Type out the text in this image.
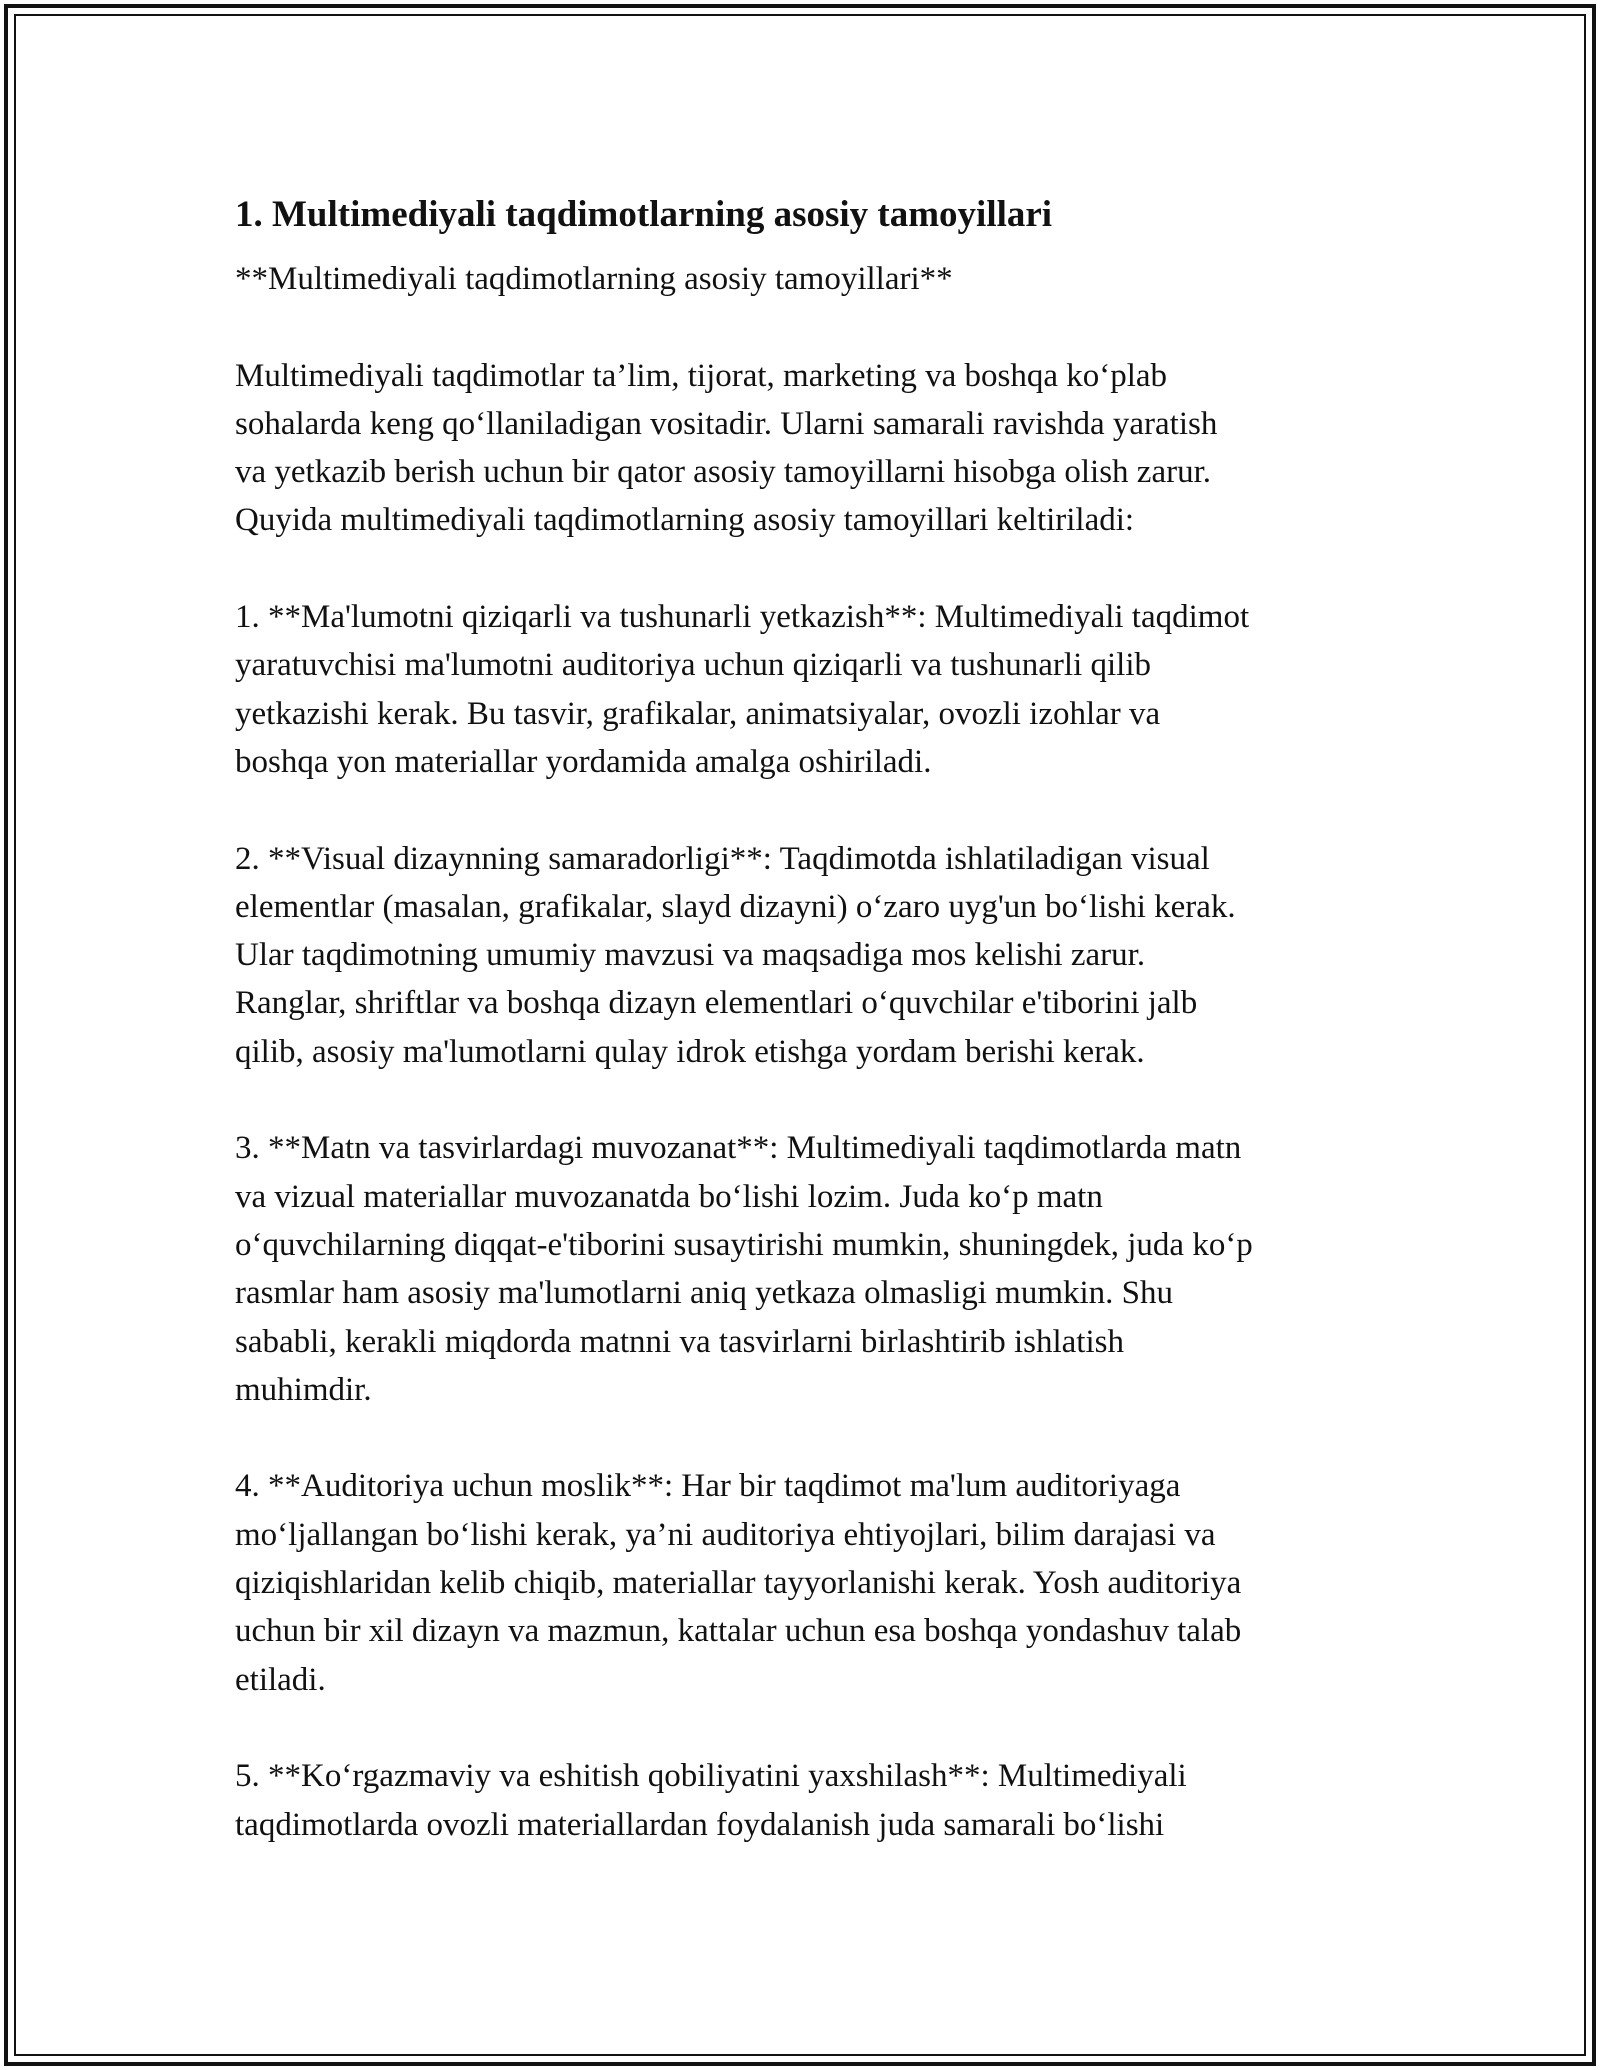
1. Multimediyali taqdimotlarning asosiy tamoyillari

**Multimediyali taqdimotlarning asosiy tamoyillari**

Multimediyali taqdimotlar ta’lim, tijorat, marketing va boshqa ko‘plab
sohalarda keng qo‘llaniladigan vositadir. Ularni samarali ravishda yaratish
va yetkazib berish uchun bir qator asosiy tamoyillarni hisobga olish zarur.
Quyida multimediyali taqdimotlarning asosiy tamoyillari keltiriladi:

1. **Ma'lumotni qiziqarli va tushunarli yetkazish**: Multimediyali taqdimot
yaratuvchisi ma'lumotni auditoriya uchun qiziqarli va tushunarli qilib
yetkazishi kerak. Bu tasvir, grafikalar, animatsiyalar, ovozli izohlar va
boshqa yon materiallar yordamida amalga oshiriladi.

2. **Visual dizaynning samaradorligi**: Taqdimotda ishlatiladigan visual
elementlar (masalan, grafikalar, slayd dizayni) o‘zaro uyg'un bo‘lishi kerak.
Ular taqdimotning umumiy mavzusi va maqsadiga mos kelishi zarur.
Ranglar, shriftlar va boshqa dizayn elementlari o‘quvchilar e'tiborini jalb
qilib, asosiy ma'lumotlarni qulay idrok etishga yordam berishi kerak.

3. **Matn va tasvirlardagi muvozanat**: Multimediyali taqdimotlarda matn
va vizual materiallar muvozanatda bo‘lishi lozim. Juda ko‘p matn
o‘quvchilarning diqqat-e'tiborini susaytirishi mumkin, shuningdek, juda ko‘p
rasmlar ham asosiy ma'lumotlarni aniq yetkaza olmasligi mumkin. Shu
sababli, kerakli miqdorda matnni va tasvirlarni birlashtirib ishlatish
muhimdir.

4. **Auditoriya uchun moslik**: Har bir taqdimot ma'lum auditoriyaga
mo‘ljallangan bo‘lishi kerak, ya’ni auditoriya ehtiyojlari, bilim darajasi va
qiziqishlaridan kelib chiqib, materiallar tayyorlanishi kerak. Yosh auditoriya
uchun bir xil dizayn va mazmun, kattalar uchun esa boshqa yondashuv talab
etiladi.

5. **Ko‘rgazmaviy va eshitish qobiliyatini yaxshilash**: Multimediyali
taqdimotlarda ovozli materiallardan foydalanish juda samarali bo‘lishi
